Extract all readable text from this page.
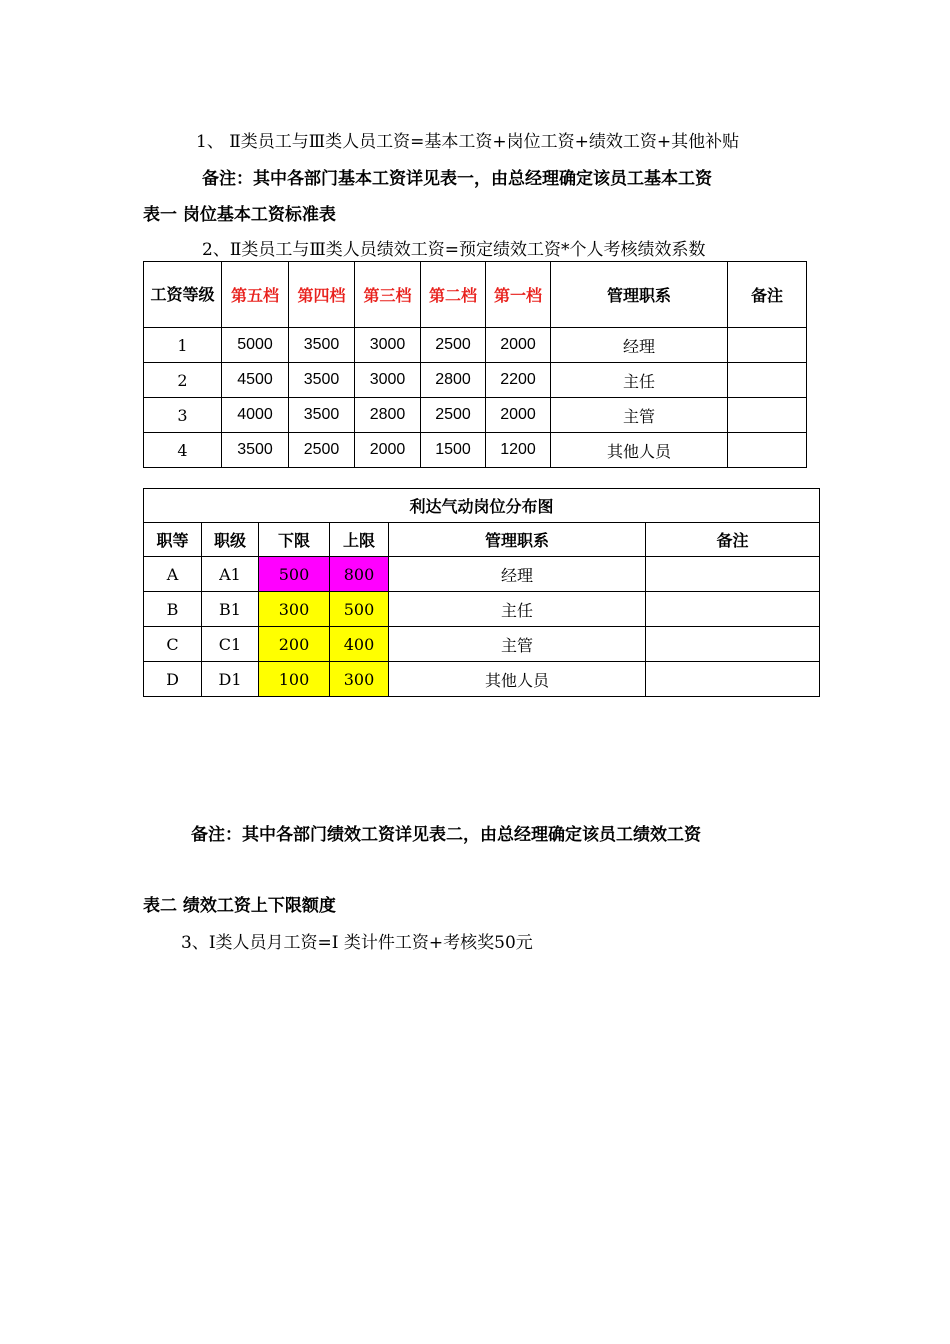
1、 Ⅱ类员工与Ⅲ类人员工资=基本工资+岗位工资+绩效工资+其他补贴
备注：其中各部门基本工资详见表一，由总经理确定该员工基本工资
表一 岗位基本工资标准表
2、Ⅱ类员工与Ⅲ类人员绩效工资=预定绩效工资*个人考核绩效系数
工资等级	第五档	第四档	第三档	第二档	第一档	管理职系	备注
1	5000	3500	3000	2500	2000	经理	
2	4500	3500	3000	2800	2200	主任	
3	4000	3500	2800	2500	2000	主管	
4	3500	2500	2000	1500	1200	其他人员	
利达气动岗位分布图					
职等	职级	下限	上限	管理职系	备注
A	A1	500	800	经理	
B	B1	300	500	主任	
C	C1	200	400	主管	
D	D1	100	300	其他人员	
备注：其中各部门绩效工资详见表二，由总经理确定该员工绩效工资
表二 绩效工资上下限额度
3、I类人员月工资=Ⅰ 类计件工资+考核奖50元
